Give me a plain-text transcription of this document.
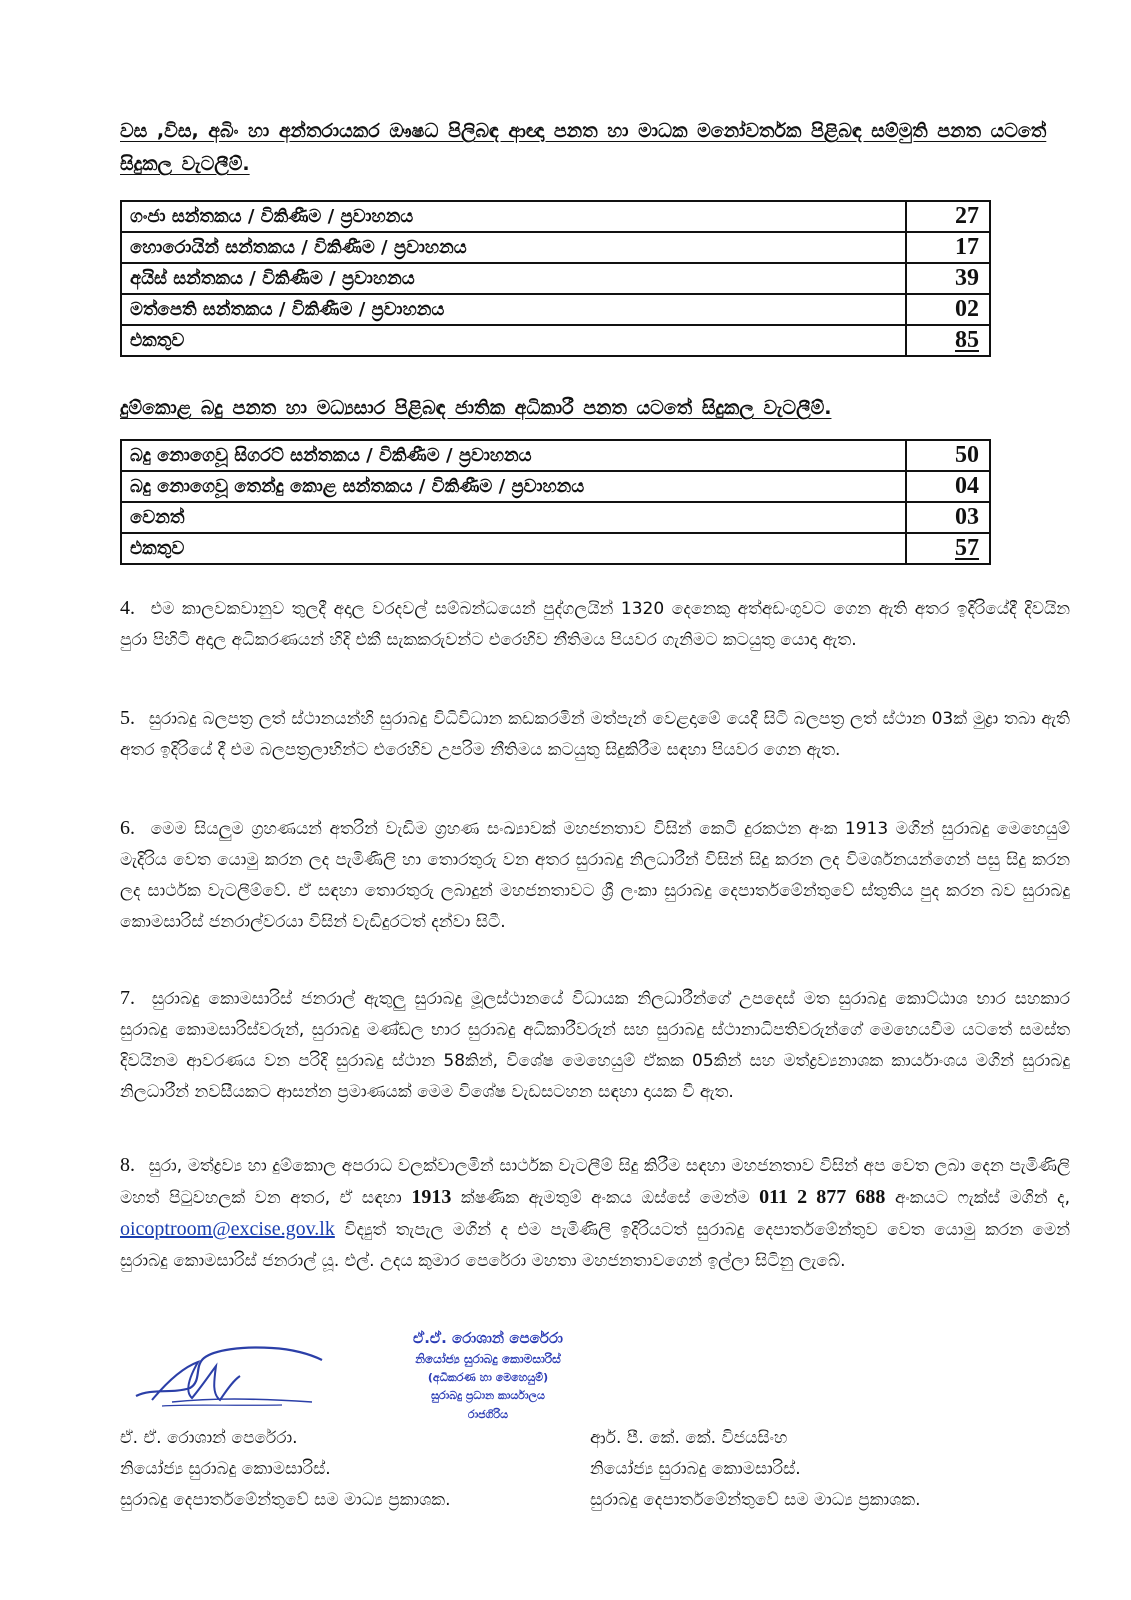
වස ,විස, අබිං හා අන්තරායකර ඖෂධ පිලිබඳ ආඥා පනත හා මාධක මනෝවර්තක පිළිබඳ සම්මුති පනත යටතේ සිදුකල වැටලීම්.
ගංජා සන්තකය / විකිණීම / ප්‍රවාහනය	27
හොරොයින් සන්තකය / විකිණීම / ප්‍රවාහනය	17
අයිස් සන්තකය / විකිණීම / ප්‍රවාහනය	39
මත්පෙති සන්තකය / විකිණීම / ප්‍රවාහනය	02
එකතුව	85
දුම්කොළ බදු පනත හා මධ්‍යසාර පිළිබඳ ජාතික අධිකාරී පනත යටතේ සිදුකල වැටලීම්.
බදු නොගෙවූ සිගරට් සන්තකය / විකිණීම / ප්‍රවාහනය	50
බදු නොගෙවූ තෙන්දු කොළ සන්තකය / විකිණීම / ප්‍රවාහනය	04
වෙනත්	03
එකතුව	57
4. එම කාලවකවානුව තුලදී අදාල වරදවල් සම්බන්ධයෙන් පුද්ගලයින් 1320 දෙනෙකු අත්අඩංගුවට ගෙන ඇති අතර ඉදිරියේදී දිවයින පුරා පිහිටි අදාල අධිකරණයන් හිදි එකී සැකකරුවන්ට එරෙහිව නීතිමය පියවර ගැනිමට කටයුතු යොදා ඇත.
5. සුරාබදු බලපත්‍ර ලත් ස්ථානයන්හි සුරාබදු විධිවිධාන කඩකරමින් මත්පැන් වෙළදාමේ යෙදී සිටි බලපත්‍ර ලත් ස්ථාන 03ක් මුද්‍රා තබා ඇති අතර ඉදිරියේ දී එම බලපත්‍රලාභින්ට එරෙහිව උපරිම නීතිමය කටයුතු සිදුකිරීම සඳහා පියවර ගෙන ඇත.
6. මෙම සියලුම ග්‍රහණයන් අතරින් වැඩිම ග්‍රහණ සංඛ්‍යාවක් මහජනතාව විසින් කෙටි දුරකථන අංක 1913 මගින් සුරාබදු මෙහෙයුම් මැදිරිය වෙත යොමු කරන ලද පැමිණිලි හා තොරතුරු වන අතර සුරාබදු නිලධාරීන් විසින් සිදු කරන ලද විමර්ශනයන්ගෙන් පසු සිදු කරන ලද සාර්ථක වැටලීම්වේ. ඒ සඳහා තොරතුරු ලබාදුන් මහජනතාවට ශ්‍රී ලංකා සුරාබදු දෙපාර්තමේන්තුවේ ස්තුතිය පුද කරන බව සුරාබදු කොමසාරිස් ජනරාල්වරයා විසින් වැඩිදුරටත් දන්වා සිටී.
7. සුරාබදු කොමසාරිස් ජනරාල් ඇතුලු සුරාබදු මූලස්ථානයේ විධායක නිලධාරීන්ගේ උපදෙස් මත සුරාබදු කොට්ඨාශ භාර සහකාර සුරාබදු කොමසාරිස්වරුන්, සුරාබදු මණ්ඩල භාර සුරාබදු අධිකාරීවරුන් සහ සුරාබදු ස්ථානාධිපතිවරුන්ගේ මෙහෙයවීම යටතේ සමස්ත දිවයිනම ආවරණය වන පරිදි සුරාබදු ස්ථාන 58කින්, විශේෂ මෙහෙයුම් ඒකක 05කින් සහ මත්ද්‍රව්‍යනාශක කාර්යාංශය මගින් සුරාබදු නිලධාරීන් නවසීයකට ආසන්න ප්‍රමාණයක් මෙම විශේෂ වැඩසටහන සඳහා දායක වී ඇත.
8. සුරා, මත්ද්‍රව්‍ය හා දුම්කොල අපරාධ වලක්වාලමින් සාර්ථක වැටලීම් සිදු කිරීම සඳහා මහජනතාව විසින් අප වෙත ලබා දෙන පැමිණිලි මහත් පිටුවහලක් වන අතර, ඒ සඳහා 1913 ක්ෂණික ඇමතුම් අංකය ඔස්සේ මෙන්ම 011 2 877 688 අංකයට ෆැක්ස් මගින් ද, oicoptroom@excise.gov.lk විද්‍යුත් තැපැල මගින් ද එම පැමිණිලි ඉදිරියටත් සුරාබදු දෙපාර්තමේන්තුව වෙත යොමු කරන මෙන් සුරාබදු කොමසාරිස් ජනරාල් යූ. එල්. උදය කුමාර පෙරේරා මහතා මහජනතාවගෙන් ඉල්ලා සිටිනු ලැබේ.
ඒ.ඒ. රොශාන් පෙරේරා
නියෝජ්‍ය සුරාබදු කොමසාරිස්
(අධිකරණ හා මෙහෙයුම්)
සුරාබදු ප්‍රධාන කාර්යාලය
රාජගිරිය
ඒ. ඒ. රොශාන් පෙරේරා.
නියෝජ්‍ය සුරාබදු කොමසාරිස්.
සුරාබදු දෙපාර්තමේන්තුවේ සම මාධ්‍ය ප්‍රකාශක.
ආර්. පී. කේ. කේ. විජයසිංහ
නියෝජ්‍ය සුරාබදු කොමසාරිස්.
සුරාබදු දෙපාර්තමේන්තුවේ සම මාධ්‍ය ප්‍රකාශක.
